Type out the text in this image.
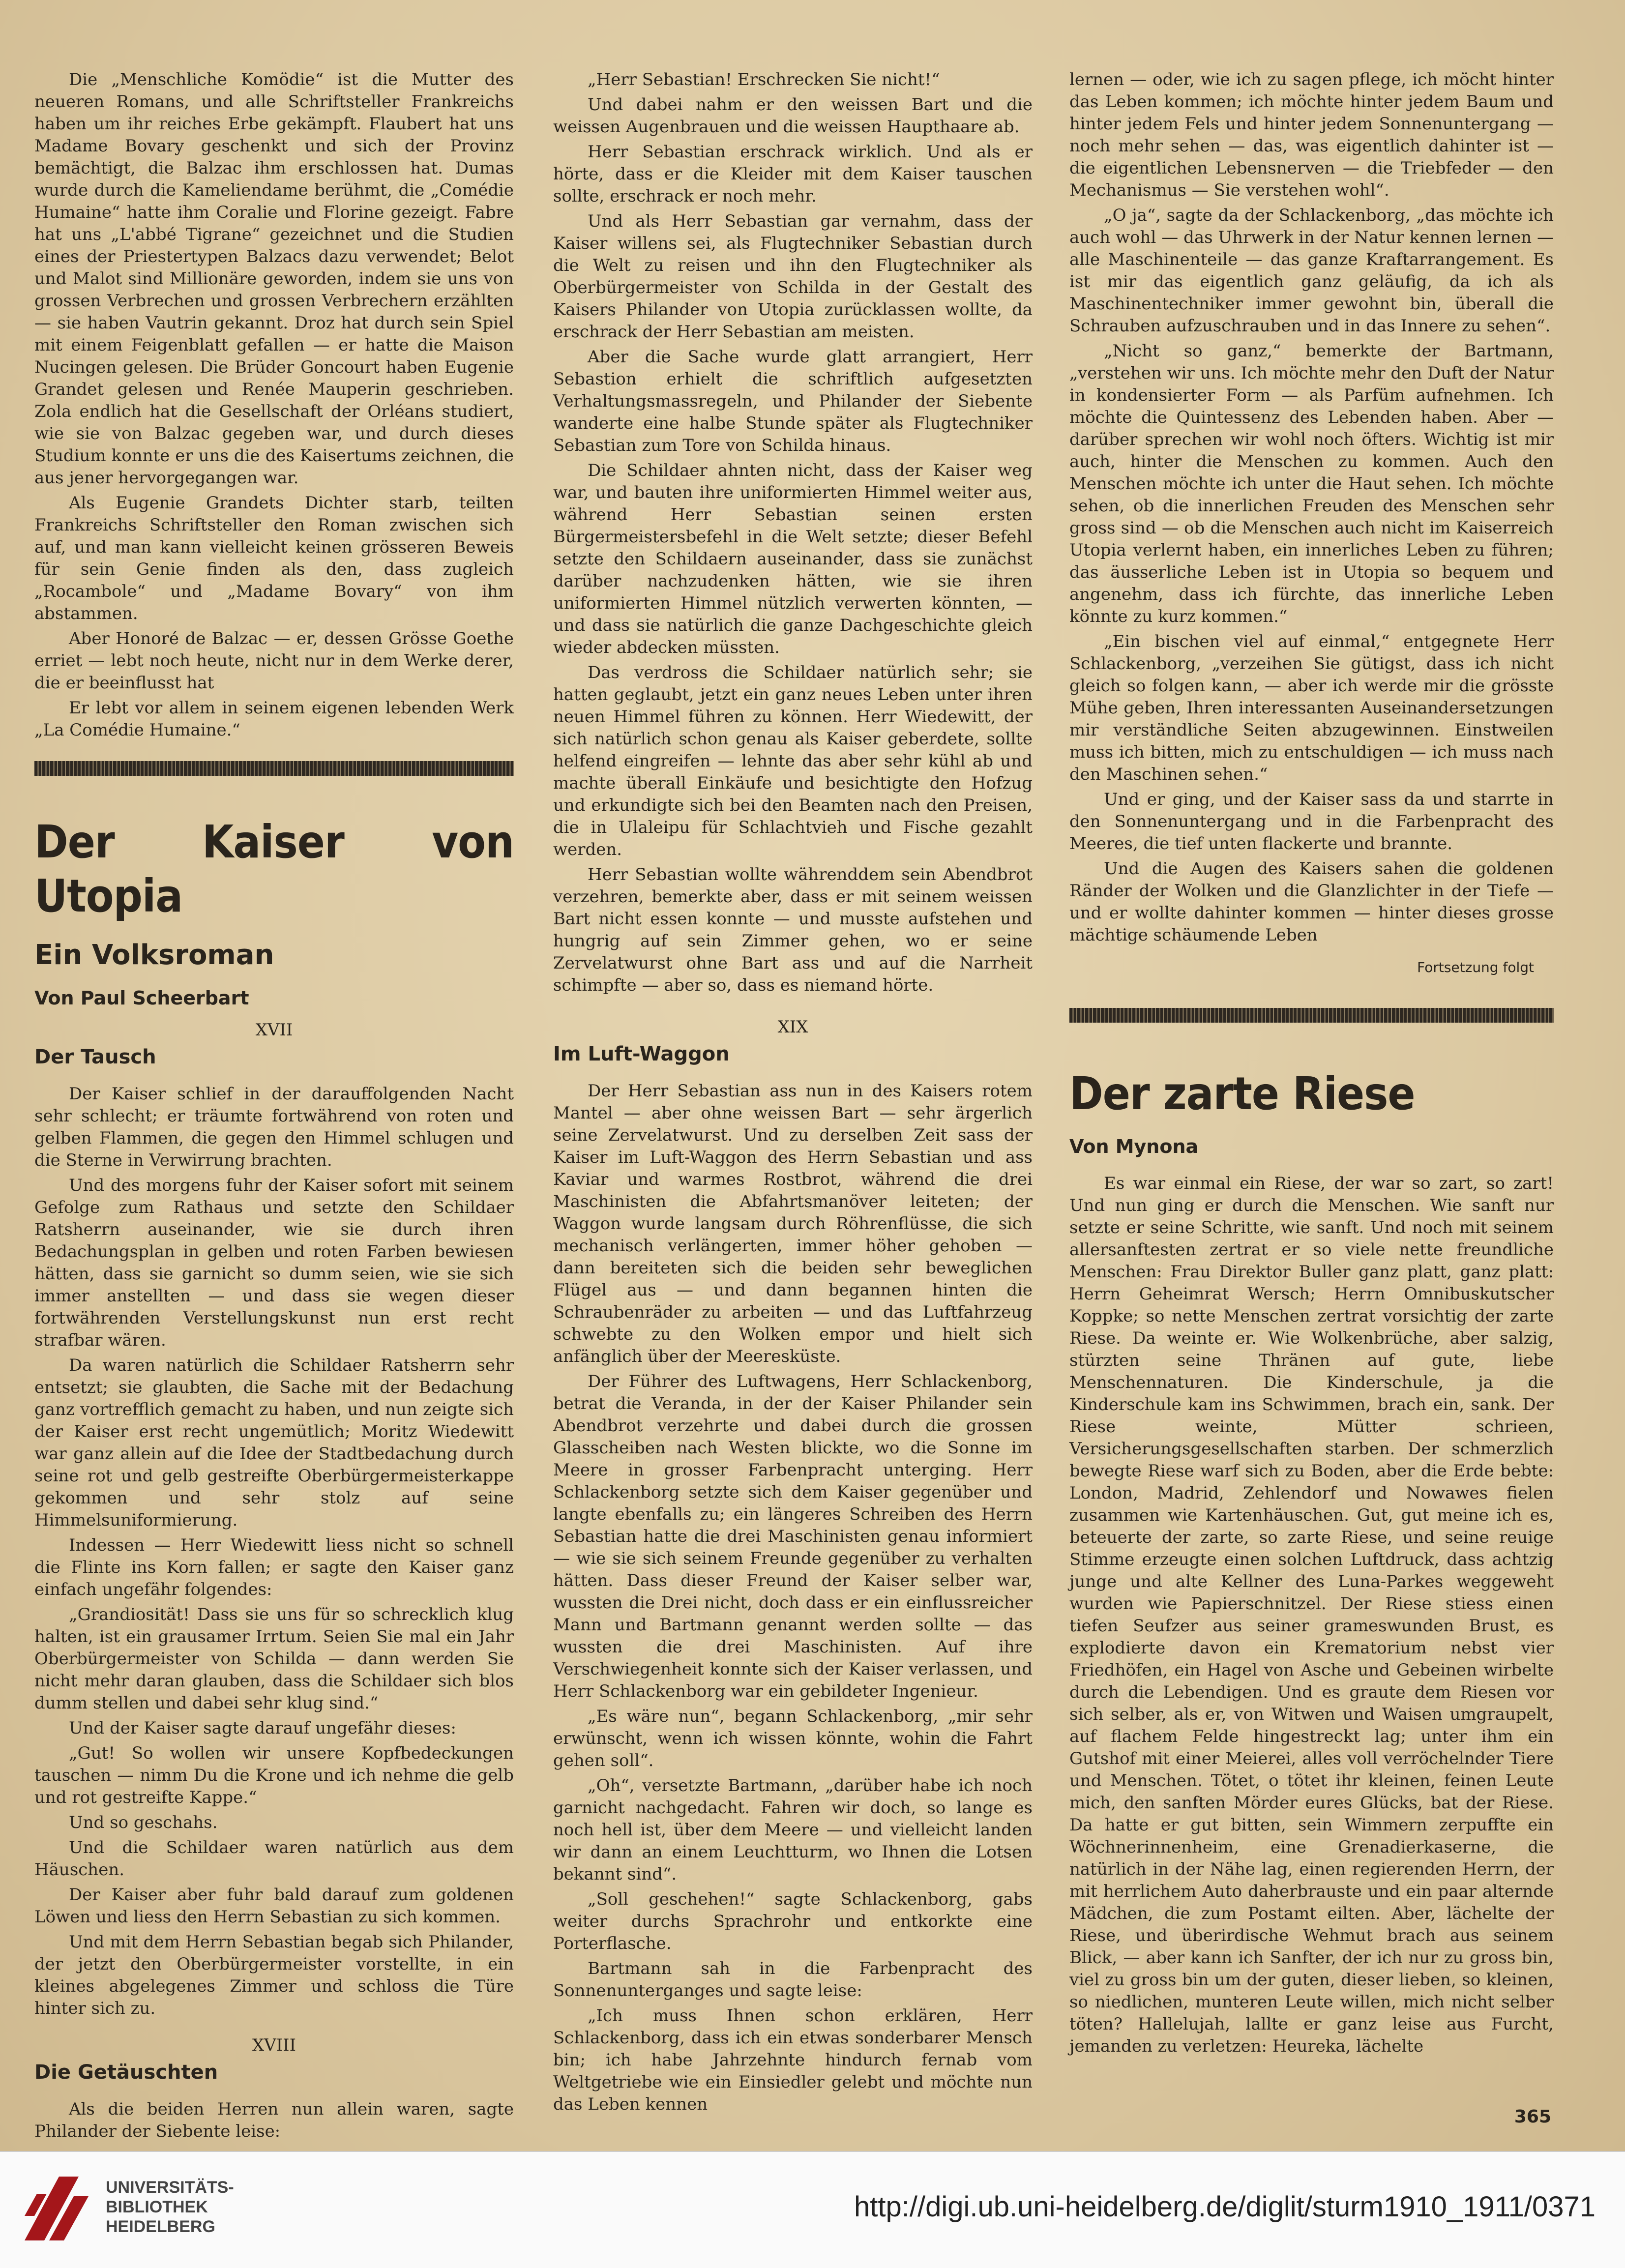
Die „Menschliche Komödie“ ist die Mutter des neueren Romans, und alle Schriftsteller Frankreichs haben um ihr reiches Erbe gekämpft. Flaubert hat uns Madame Bovary geschenkt und sich der Provinz bemächtigt, die Balzac ihm erschlossen hat. Dumas wurde durch die Kameliendame berühmt, die „Comédie Humaine“ hatte ihm Coralie und Florine gezeigt. Fabre hat uns „L'abbé Tigrane“ gezeichnet und die Studien eines der Priestertypen Balzacs dazu verwendet; Belot und Malot sind Millionäre geworden, indem sie uns von grossen Verbrechen und grossen Verbrechern erzählten — sie haben Vautrin gekannt. Droz hat durch sein Spiel mit einem Feigenblatt gefallen — er hatte die Maison Nucingen gelesen. Die Brüder Goncourt haben Eugenie Grandet gelesen und Renée Mauperin geschrieben. Zola endlich hat die Gesellschaft der Orléans studiert, wie sie von Balzac gegeben war, und durch dieses Studium konnte er uns die des Kaisertums zeichnen, die aus jener hervorgegangen war.

Als Eugenie Grandets Dichter starb, teilten Frankreichs Schriftsteller den Roman zwischen sich auf, und man kann vielleicht keinen grösseren Beweis für sein Genie finden als den, dass zugleich „Rocambole“ und „Madame Bovary“ von ihm abstammen.

Aber Honoré de Balzac — er, dessen Grösse Goethe erriet — lebt noch heute, nicht nur in dem Werke derer, die er beeinflusst hat

Er lebt vor allem in seinem eigenen lebenden Werk „La Comédie Humaine.“

Der Kaiser von Utopia
Ein Volksroman
Von Paul Scheerbart
XVII
Der Tausch

Der Kaiser schlief in der darauffolgenden Nacht sehr schlecht; er träumte fortwährend von roten und gelben Flammen, die gegen den Himmel schlugen und die Sterne in Verwirrung brachten.

Und des morgens fuhr der Kaiser sofort mit seinem Gefolge zum Rathaus und setzte den Schildaer Ratsherrn auseinander, wie sie durch ihren Bedachungsplan in gelben und roten Farben bewiesen hätten, dass sie garnicht so dumm seien, wie sie sich immer anstellten — und dass sie wegen dieser fortwährenden Verstellungskunst nun erst recht strafbar wären.

Da waren natürlich die Schildaer Ratsherrn sehr entsetzt; sie glaubten, die Sache mit der Bedachung ganz vortrefflich gemacht zu haben, und nun zeigte sich der Kaiser erst recht ungemütlich; Moritz Wiedewitt war ganz allein auf die Idee der Stadtbedachung durch seine rot und gelb gestreifte Oberbürgermeisterkappe gekommen und sehr stolz auf seine Himmelsuniformierung.

Indessen — Herr Wiedewitt liess nicht so schnell die Flinte ins Korn fallen; er sagte den Kaiser ganz einfach ungefähr folgendes:

„Grandiosität! Dass sie uns für so schrecklich klug halten, ist ein grausamer Irrtum. Seien Sie mal ein Jahr Oberbürgermeister von Schilda — dann werden Sie nicht mehr daran glauben, dass die Schildaer sich blos dumm stellen und dabei sehr klug sind.“

Und der Kaiser sagte darauf ungefähr dieses:

„Gut! So wollen wir unsere Kopfbedeckungen tauschen — nimm Du die Krone und ich nehme die gelb und rot gestreifte Kappe.“

Und so geschahs.

Und die Schildaer waren natürlich aus dem Häuschen.

Der Kaiser aber fuhr bald darauf zum goldenen Löwen und liess den Herrn Sebastian zu sich kommen.

Und mit dem Herrn Sebastian begab sich Philander, der jetzt den Oberbürgermeister vorstellte, in ein kleines abgelegenes Zimmer und schloss die Türe hinter sich zu.

XVIII
Die Getäuschten

Als die beiden Herren nun allein waren, sagte Philander der Siebente leise:

„Herr Sebastian! Erschrecken Sie nicht!“

Und dabei nahm er den weissen Bart und die weissen Augenbrauen und die weissen Haupthaare ab.

Herr Sebastian erschrack wirklich. Und als er hörte, dass er die Kleider mit dem Kaiser tauschen sollte, erschrack er noch mehr.

Und als Herr Sebastian gar vernahm, dass der Kaiser willens sei, als Flugtechniker Sebastian durch die Welt zu reisen und ihn den Flugtechniker als Oberbürgermeister von Schilda in der Gestalt des Kaisers Philander von Utopia zurücklassen wollte, da erschrack der Herr Sebastian am meisten.

Aber die Sache wurde glatt arrangiert, Herr Sebastion erhielt die schriftlich aufgesetzten Verhaltungsmassregeln, und Philander der Siebente wanderte eine halbe Stunde später als Flugtechniker Sebastian zum Tore von Schilda hinaus.

Die Schildaer ahnten nicht, dass der Kaiser weg war, und bauten ihre uniformierten Himmel weiter aus, während Herr Sebastian seinen ersten Bürgermeistersbefehl in die Welt setzte; dieser Befehl setzte den Schildaern auseinander, dass sie zunächst darüber nachzudenken hätten, wie sie ihren uniformierten Himmel nützlich verwerten könnten, — und dass sie natürlich die ganze Dachgeschichte gleich wieder abdecken müssten.

Das verdross die Schildaer natürlich sehr; sie hatten geglaubt, jetzt ein ganz neues Leben unter ihren neuen Himmel führen zu können. Herr Wiedewitt, der sich natürlich schon genau als Kaiser geberdete, sollte helfend eingreifen — lehnte das aber sehr kühl ab und machte überall Einkäufe und besichtigte den Hofzug und erkundigte sich bei den Beamten nach den Preisen, die in Ulaleipu für Schlachtvieh und Fische gezahlt werden.

Herr Sebastian wollte währenddem sein Abendbrot verzehren, bemerkte aber, dass er mit seinem weissen Bart nicht essen konnte — und musste aufstehen und hungrig auf sein Zimmer gehen, wo er seine Zervelatwurst ohne Bart ass und auf die Narrheit schimpfte — aber so, dass es niemand hörte.

XIX
Im Luft-Waggon

Der Herr Sebastian ass nun in des Kaisers rotem Mantel — aber ohne weissen Bart — sehr ärgerlich seine Zervelatwurst. Und zu derselben Zeit sass der Kaiser im Luft-Waggon des Herrn Sebastian und ass Kaviar und warmes Rostbrot, während die drei Maschinisten die Abfahrtsmanöver leiteten; der Waggon wurde langsam durch Röhrenflüsse, die sich mechanisch verlängerten, immer höher gehoben — dann bereiteten sich die beiden sehr beweglichen Flügel aus — und dann begannen hinten die Schraubenräder zu arbeiten — und das Luftfahrzeug schwebte zu den Wolken empor und hielt sich anfänglich über der Meeresküste.

Der Führer des Luftwagens, Herr Schlackenborg, betrat die Veranda, in der der Kaiser Philander sein Abendbrot verzehrte und dabei durch die grossen Glasscheiben nach Westen blickte, wo die Sonne im Meere in grosser Farbenpracht unterging. Herr Schlackenborg setzte sich dem Kaiser gegenüber und langte ebenfalls zu; ein längeres Schreiben des Herrn Sebastian hatte die drei Maschinisten genau informiert — wie sie sich seinem Freunde gegenüber zu verhalten hätten. Dass dieser Freund der Kaiser selber war, wussten die Drei nicht, doch dass er ein einflussreicher Mann und Bartmann genannt werden sollte — das wussten die drei Maschinisten. Auf ihre Verschwiegenheit konnte sich der Kaiser verlassen, und Herr Schlackenborg war ein gebildeter Ingenieur.

„Es wäre nun“, begann Schlackenborg, „mir sehr erwünscht, wenn ich wissen könnte, wohin die Fahrt gehen soll“.

„Oh“, versetzte Bartmann, „darüber habe ich noch garnicht nachgedacht. Fahren wir doch, so lange es noch hell ist, über dem Meere — und vielleicht landen wir dann an einem Leuchtturm, wo Ihnen die Lotsen bekannt sind“.

„Soll geschehen!“ sagte Schlackenborg, gabs weiter durchs Sprachrohr und entkorkte eine Porterflasche.

Bartmann sah in die Farbenpracht des Sonnenunterganges und sagte leise:

„Ich muss Ihnen schon erklären, Herr Schlackenborg, dass ich ein etwas sonderbarer Mensch bin; ich habe Jahrzehnte hindurch fernab vom Weltgetriebe wie ein Einsiedler gelebt und möchte nun das Leben kennen

lernen — oder, wie ich zu sagen pflege, ich möcht hinter das Leben kommen; ich möchte hinter jedem Baum und hinter jedem Fels und hinter jedem Sonnenuntergang — noch mehr sehen — das, was eigentlich dahinter ist — die eigentlichen Lebensnerven — die Triebfeder — den Mechanismus — Sie verstehen wohl“.

„O ja“, sagte da der Schlackenborg, „das möchte ich auch wohl — das Uhrwerk in der Natur kennen lernen — alle Maschinenteile — das ganze Kraftarrangement. Es ist mir das eigentlich ganz geläufig, da ich als Maschinentechniker immer gewohnt bin, überall die Schrauben aufzuschrauben und in das Innere zu sehen“.

„Nicht so ganz,“ bemerkte der Bartmann, „verstehen wir uns. Ich möchte mehr den Duft der Natur in kondensierter Form — als Parfüm aufnehmen. Ich möchte die Quintessenz des Lebenden haben. Aber — darüber sprechen wir wohl noch öfters. Wichtig ist mir auch, hinter die Menschen zu kommen. Auch den Menschen möchte ich unter die Haut sehen. Ich möchte sehen, ob die innerlichen Freuden des Menschen sehr gross sind — ob die Menschen auch nicht im Kaiserreich Utopia verlernt haben, ein innerliches Leben zu führen; das äusserliche Leben ist in Utopia so bequem und angenehm, dass ich fürchte, das innerliche Leben könnte zu kurz kommen.“

„Ein bischen viel auf einmal,“ entgegnete Herr Schlackenborg, „verzeihen Sie gütigst, dass ich nicht gleich so folgen kann, — aber ich werde mir die grösste Mühe geben, Ihren interessanten Auseinandersetzungen mir verständliche Seiten abzugewinnen. Einstweilen muss ich bitten, mich zu entschuldigen — ich muss nach den Maschinen sehen.“

Und er ging, und der Kaiser sass da und starrte in den Sonnenuntergang und in die Farbenpracht des Meeres, die tief unten flackerte und brannte.

Und die Augen des Kaisers sahen die goldenen Ränder der Wolken und die Glanzlichter in der Tiefe — und er wollte dahinter kommen — hinter dieses grosse mächtige schäumende Leben

Fortsetzung folgt
Der zarte Riese
Von Mynona

Es war einmal ein Riese, der war so zart, so zart! Und nun ging er durch die Menschen. Wie sanft nur setzte er seine Schritte, wie sanft. Und noch mit seinem allersanftesten zertrat er so viele nette freundliche Menschen: Frau Direktor Buller ganz platt, ganz platt: Herrn Geheimrat Wersch; Herrn Omnibuskutscher Koppke; so nette Menschen zertrat vorsichtig der zarte Riese. Da weinte er. Wie Wolkenbrüche, aber salzig, stürzten seine Thränen auf gute, liebe Menschennaturen. Die Kinderschule, ja die Kinderschule kam ins Schwimmen, brach ein, sank. Der Riese weinte, Mütter schrieen, Versicherungsgesellschaften starben. Der schmerzlich bewegte Riese warf sich zu Boden, aber die Erde bebte: London, Madrid, Zehlendorf und Nowawes fielen zusammen wie Kartenhäuschen. Gut, gut meine ich es, beteuerte der zarte, so zarte Riese, und seine reuige Stimme erzeugte einen solchen Luftdruck, dass achtzig junge und alte Kellner des Luna-Parkes weggeweht wurden wie Papierschnitzel. Der Riese stiess einen tiefen Seufzer aus seiner grameswunden Brust, es explodierte davon ein Krematorium nebst vier Friedhöfen, ein Hagel von Asche und Gebeinen wirbelte durch die Lebendigen. Und es graute dem Riesen vor sich selber, als er, von Witwen und Waisen umgraupelt, auf flachem Felde hingestreckt lag; unter ihm ein Gutshof mit einer Meierei, alles voll verröchelnder Tiere und Menschen. Tötet, o tötet ihr kleinen, feinen Leute mich, den sanften Mörder eures Glücks, bat der Riese. Da hatte er gut bitten, sein Wimmern zerpuffte ein Wöchnerinnenheim, eine Grenadierkaserne, die natürlich in der Nähe lag, einen regierenden Herrn, der mit herrlichem Auto daherbrauste und ein paar alternde Mädchen, die zum Postamt eilten. Aber, lächelte der Riese, und überirdische Wehmut brach aus seinem Blick, — aber kann ich Sanfter, der ich nur zu gross bin, viel zu gross bin um der guten, dieser lieben, so kleinen, so niedlichen, munteren Leute willen, mich nicht selber töten? Hallelujah, lallte er ganz leise aus Furcht, jemanden zu verletzen: Heureka, lächelte

365
UNIVERSITÄTS-
BIBLIOTHEK
HEIDELBERG
http://digi.ub.uni-heidelberg.de/diglit/sturm1910_1911/0371
